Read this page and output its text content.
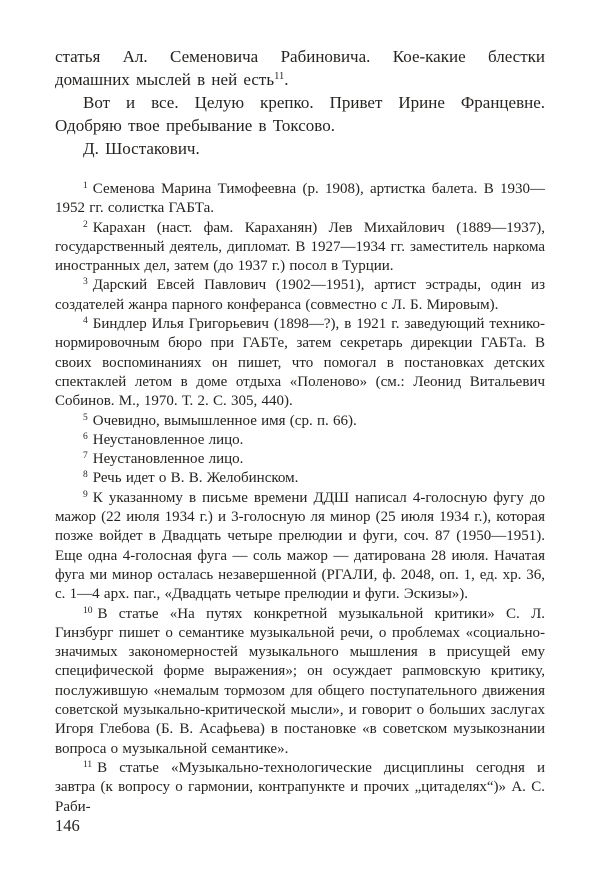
статья Ал. Семеновича Рабиновича. Кое-какие блестки домашних мыслей в ней есть$^{11}$.

Вот и все. Целую крепко. Привет Ирине Францевне. Одобряю твое пребывание в Токсово.

Д. Шостакович.

$^1$ Семенова Марина Тимофеевна (р. 1908), артистка балета. В 1930—1952 гг. солистка ГАБТа.

$^2$ Карахан (наст. фам. Караханян) Лев Михайлович (1889—1937), государственный деятель, дипломат. В 1927—1934 гг. заместитель наркома иностранных дел, затем (до 1937 г.) посол в Турции.

$^3$ Дарский Евсей Павлович (1902—1951), артист эстрады, один из создателей жанра парного конферанса (совместно с Л. Б. Мировым).

$^4$ Биндлер Илья Григорьевич (1898—?), в 1921 г. заведующий технико-нормировочным бюро при ГАБТе, затем секретарь дирекции ГАБТа. В своих воспоминаниях он пишет, что помогал в постановках детских спектаклей летом в доме отдыха «Поленово» (см.: Леонид Витальевич Собинов. М., 1970. Т. 2. С. 305, 440).

$^5$ Очевидно, вымышленное имя (ср. п. 66).

$^6$ Неустановленное лицо.

$^7$ Неустановленное лицо.

$^8$ Речь идет о В. В. Желобинском.

$^9$ К указанному в письме времени ДДШ написал 4-голосную фугу до мажор (22 июля 1934 г.) и 3-голосную ля минор (25 июля 1934 г.), которая позже войдет в Двадцать четыре прелюдии и фуги, соч. 87 (1950—1951). Еще одна 4-голосная фуга — соль мажор — датирована 28 июля. Начатая фуга ми минор осталась незавершенной (РГАЛИ, ф. 2048, оп. 1, ед. хр. 36, с. 1—4 арх. паг., «Двадцать четыре прелюдии и фуги. Эскизы»).

$^{10}$ В статье «На путях конкретной музыкальной критики» С. Л. Гинзбург пишет о семантике музыкальной речи, о проблемах «социально-значимых закономерностей музыкального мышления в присущей ему специфической форме выражения»; он осуждает рапмовскую критику, послужившую «немалым тормозом для общего поступательного движения советской музыкально-критической мысли», и говорит о больших заслугах Игоря Глебова (Б. В. Асафьева) в постановке «в советском музыкознании вопроса о музыкальной семантике».

$^{11}$ В статье «Музыкально-технологические дисциплины сегодня и завтра (к вопросу о гармонии, контрапункте и прочих „цитаделях“)» А. С. Раби-

146
